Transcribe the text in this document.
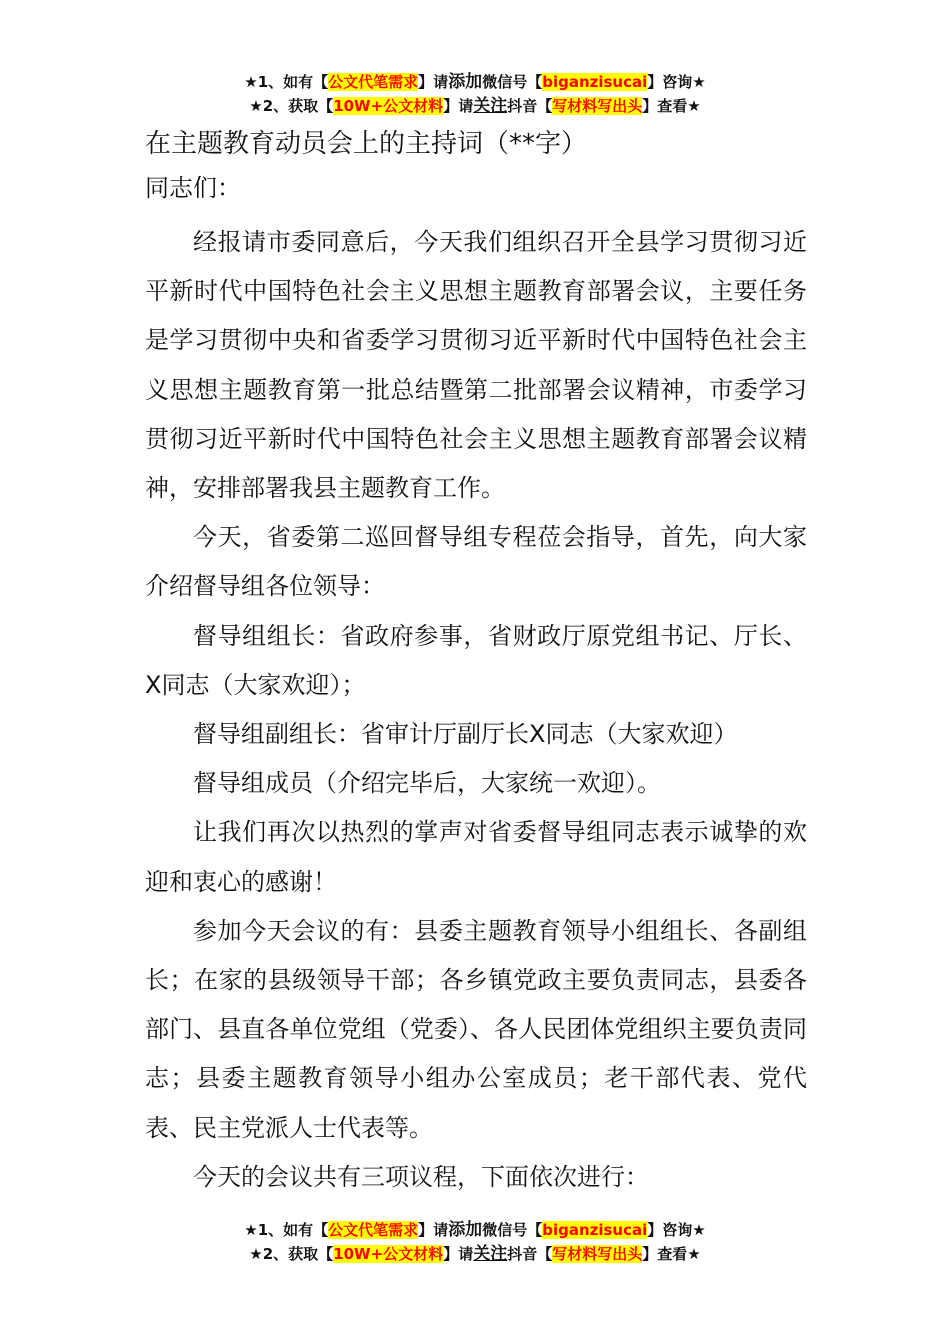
★1、如有【公文代笔需求】请添加微信号【biganzisucai】咨询★
★2、获取【10W+公文材料】请关注抖音【写材料写出头】查看★
在主题教育动员会上的主持词（**字）

同志们：

经报请市委同意后，今天我们组织召开全县学习贯彻习近平新时代中国特色社会主义思想主题教育部署会议，主要任务是学习贯彻中央和省委学习贯彻习近平新时代中国特色社会主义思想主题教育第一批总结暨第二批部署会议精神，市委学习贯彻习近平新时代中国特色社会主义思想主题教育部署会议精神，安排部署我县主题教育工作。

今天，省委第二巡回督导组专程莅会指导，首先，向大家介绍督导组各位领导：

督导组组长：省政府参事，省财政厅原党组书记、厅长、X同志（大家欢迎）；

督导组副组长：省审计厅副厅长X同志（大家欢迎）

督导组成员（介绍完毕后，大家统一欢迎）。

让我们再次以热烈的掌声对省委督导组同志表示诚挚的欢迎和衷心的感谢！

参加今天会议的有：县委主题教育领导小组组长、各副组长；在家的县级领导干部；各乡镇党政主要负责同志，县委各部门、县直各单位党组（党委）、各人民团体党组织主要负责同志；县委主题教育领导小组办公室成员；老干部代表、党代表、民主党派人士代表等。

今天的会议共有三项议程，下面依次进行：

★1、如有【公文代笔需求】请添加微信号【biganzisucai】咨询★
★2、获取【10W+公文材料】请关注抖音【写材料写出头】查看★
